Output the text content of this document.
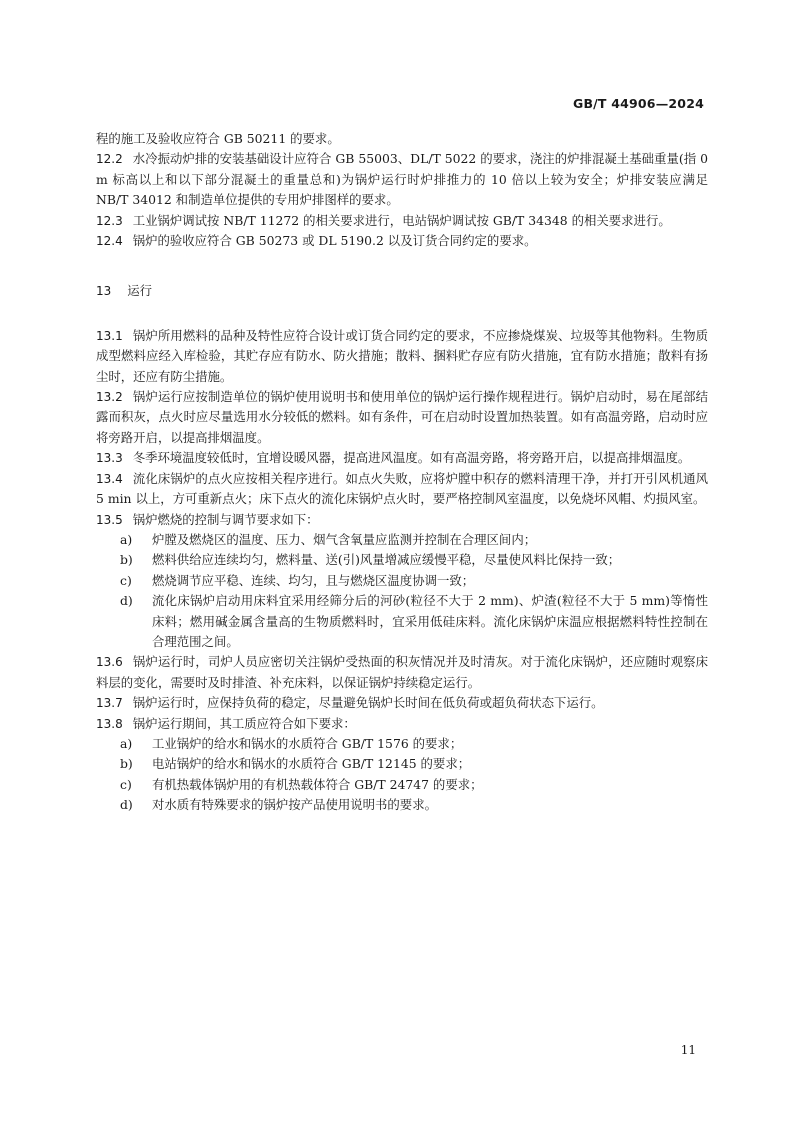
GB/T 44906—2024

程的施工及验收应符合 GB 50211 的要求。

12.2 水冷振动炉排的安装基础设计应符合 GB 55003、DL/T 5022 的要求，浇注的炉排混凝土基础重量(指 0 m 标高以上和以下部分混凝土的重量总和)为锅炉运行时炉排推力的 10 倍以上较为安全；炉排安装应满足 NB/T 34012 和制造单位提供的专用炉排图样的要求。

12.3 工业锅炉调试按 NB/T 11272 的相关要求进行，电站锅炉调试按 GB/T 34348 的相关要求进行。

12.4 锅炉的验收应符合 GB 50273 或 DL 5190.2 以及订货合同约定的要求。

13 运行

13.1 锅炉所用燃料的品种及特性应符合设计或订货合同约定的要求，不应掺烧煤炭、垃圾等其他物料。生物质成型燃料应经入库检验，其贮存应有防水、防火措施；散料、捆料贮存应有防火措施，宜有防水措施；散料有扬尘时，还应有防尘措施。

13.2 锅炉运行应按制造单位的锅炉使用说明书和使用单位的锅炉运行操作规程进行。锅炉启动时，易在尾部结露而积灰，点火时应尽量选用水分较低的燃料。如有条件，可在启动时设置加热装置。如有高温旁路，启动时应将旁路开启，以提高排烟温度。

13.3 冬季环境温度较低时，宜增设暖风器，提高进风温度。如有高温旁路，将旁路开启，以提高排烟温度。

13.4 流化床锅炉的点火应按相关程序进行。如点火失败，应将炉膛中积存的燃料清理干净，并打开引风机通风 5 min 以上，方可重新点火；床下点火的流化床锅炉点火时，要严格控制风室温度，以免烧坏风帽、灼损风室。

13.5 锅炉燃烧的控制与调节要求如下：

a) 炉膛及燃烧区的温度、压力、烟气含氧量应监测并控制在合理区间内；

b) 燃料供给应连续均匀，燃料量、送(引)风量增减应缓慢平稳，尽量使风料比保持一致；

c) 燃烧调节应平稳、连续、均匀，且与燃烧区温度协调一致；

d) 流化床锅炉启动用床料宜采用经筛分后的河砂(粒径不大于 2 mm)、炉渣(粒径不大于 5 mm)等惰性床料；燃用碱金属含量高的生物质燃料时，宜采用低硅床料。流化床锅炉床温应根据燃料特性控制在合理范围之间。

13.6 锅炉运行时，司炉人员应密切关注锅炉受热面的积灰情况并及时清灰。对于流化床锅炉，还应随时观察床料层的变化，需要时及时排渣、补充床料，以保证锅炉持续稳定运行。

13.7 锅炉运行时，应保持负荷的稳定，尽量避免锅炉长时间在低负荷或超负荷状态下运行。

13.8 锅炉运行期间，其工质应符合如下要求：

a) 工业锅炉的给水和锅水的水质符合 GB/T 1576 的要求；

b) 电站锅炉的给水和锅水的水质符合 GB/T 12145 的要求；

c) 有机热载体锅炉用的有机热载体符合 GB/T 24747 的要求；

d) 对水质有特殊要求的锅炉按产品使用说明书的要求。

11
